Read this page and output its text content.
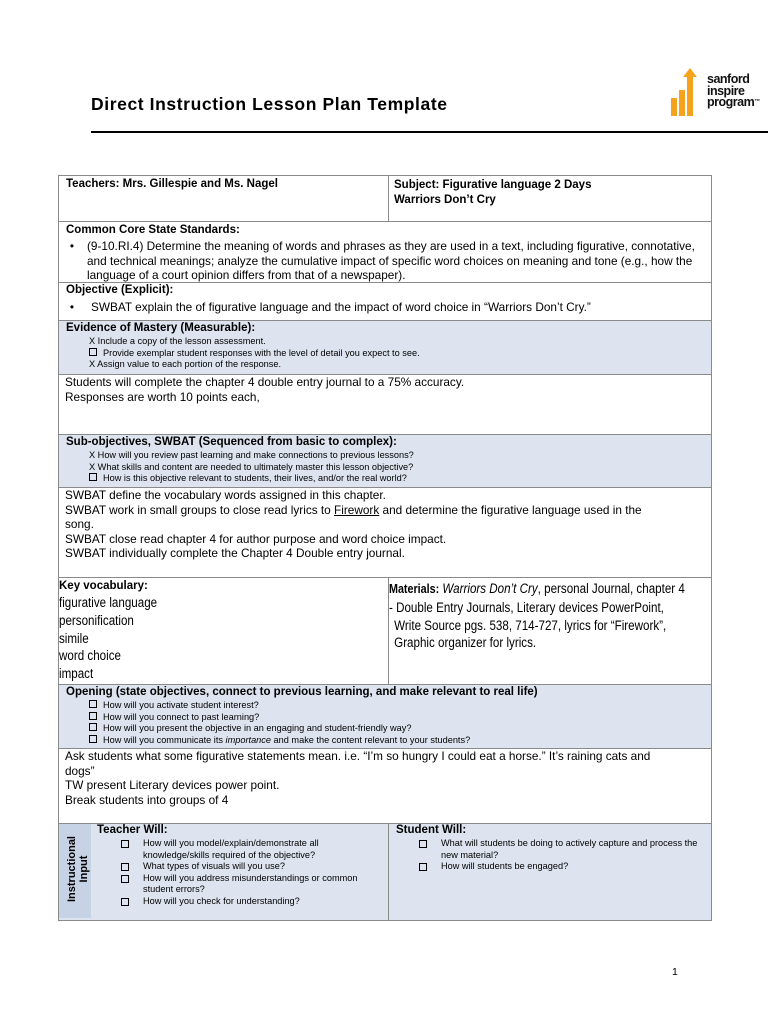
Direct Instruction Lesson Plan Template
sanford
inspire
program™
Teachers: Mrs. Gillespie and Ms. Nagel	Subject: Figurative language 2 Days
Warriors Don’t Cry
Common Core State Standards:
•	(9-10.RI.4) Determine the meaning of words and phrases as they are used in a text, including figurative, connotative, and technical meanings; analyze the cumulative impact of specific word choices on meaning and tone (e.g., how the language of a court opinion differs from that of a newspaper).
Objective (Explicit):
•	SWBAT explain the of figurative language and the impact of word choice in “Warriors Don’t Cry.”
Evidence of Mastery (Measurable):
X Include a copy of the lesson assessment.
Provide exemplar student responses with the level of detail you expect to see.
X Assign value to each portion of the response.
Students will complete the chapter 4 double entry journal to a 75% accuracy.
Responses are worth 10 points each,
Sub-objectives, SWBAT (Sequenced from basic to complex):
X How will you review past learning and make connections to previous lessons?
X What skills and content are needed to ultimately master this lesson objective?
How is this objective relevant to students, their lives, and/or the real world?
SWBAT define the vocabulary words assigned in this chapter.
SWBAT work in small groups to close read lyrics to Firework and determine the figurative language used in the
song.
SWBAT close read chapter 4 for author purpose and word choice impact.
SWBAT individually complete the Chapter 4 Double entry journal.
Key vocabulary:
figurative language
personification
simile
word choice
impact
Materials: Warriors Don’t Cry, personal Journal, chapter 4
- Double Entry Journals, Literary devices PowerPoint,
Write Source pgs. 538, 714-727, lyrics for “Firework”,
Graphic organizer for lyrics.
Opening (state objectives, connect to previous learning, and make relevant to real life)
How will you activate student interest?
How will you connect to past learning?
How will you present the objective in an engaging and student-friendly way?
How will you communicate its importance and make the content relevant to your students?
Ask students what some figurative statements mean. i.e. “I’m so hungry I could eat a horse.” It’s raining cats and
dogs”
TW present Literary devices power point.
Break students into groups of 4
Instructional Input
Teacher Will:
How will you model/explain/demonstrate all knowledge/skills required of the objective?
What types of visuals will you use?
How will you address misunderstandings or common student errors?
How will you check for understanding?
Student Will:
What will students be doing to actively capture and process the new material?
How will students be engaged?
1
